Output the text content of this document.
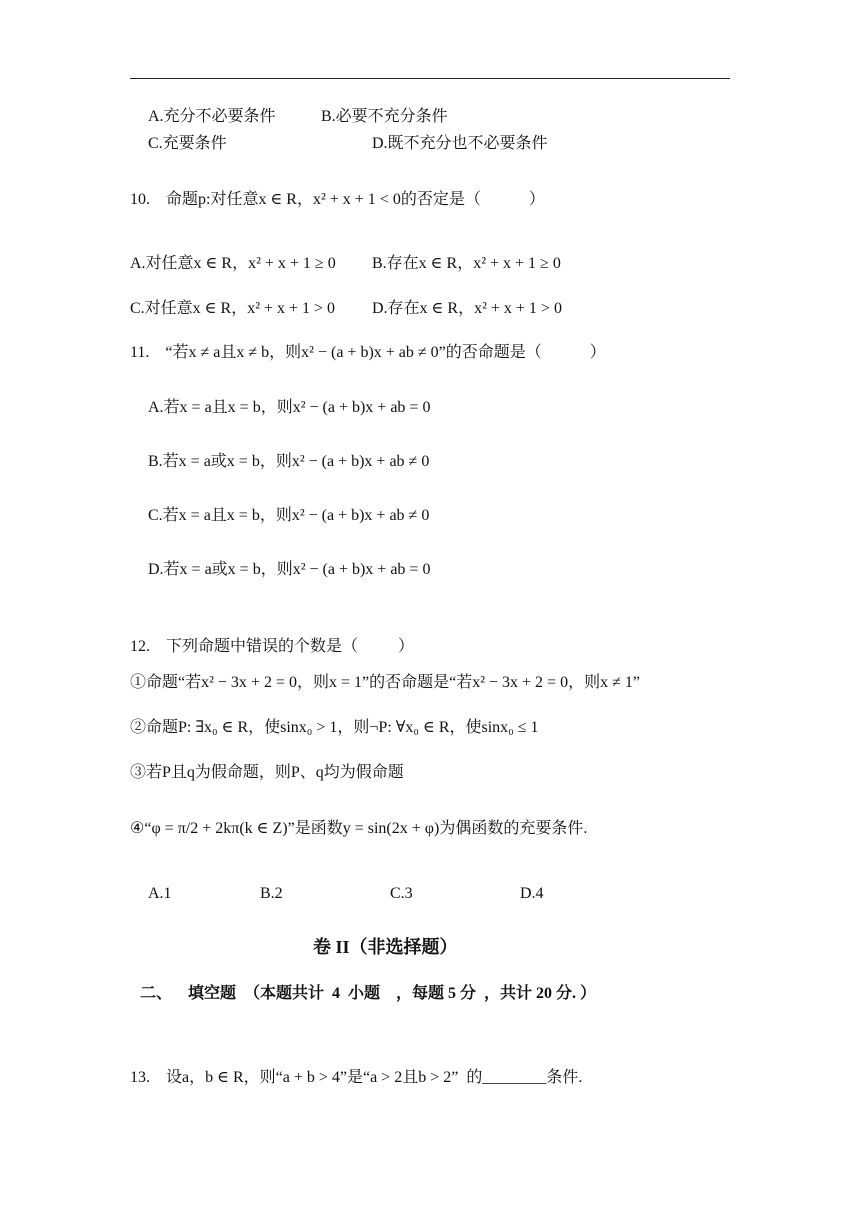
A.充分不必要条件	B.必要不充分条件
C.充要条件	D.既不充分也不必要条件
10.    命题p:对任意x ∈ R，x² + x + 1 < 0的否定是（            ）
A.对任意x ∈ R，x² + x + 1 ≥ 0 B.存在x ∈ R，x² + x + 1 ≥ 0
C.对任意x ∈ R，x² + x + 1 > 0 D.存在x ∈ R，x² + x + 1 > 0
11.    “若x ≠ a且x ≠ b，则x² − (a + b)x + ab ≠ 0”的否命题是（            ）
A.若x = a且x = b，则x² − (a + b)x + ab = 0
B.若x = a或x = b，则x² − (a + b)x + ab ≠ 0
C.若x = a且x = b，则x² − (a + b)x + ab ≠ 0
D.若x = a或x = b，则x² − (a + b)x + ab = 0
12.    下列命题中错误的个数是（          ）
①命题“若x² − 3x + 2 = 0，则x = 1”的否命题是“若x² − 3x + 2 = 0，则x ≠ 1”
②命题P: ∃x₀ ∈ R，使sinx₀ > 1，则¬P: ∀x₀ ∈ R，使sinx₀ ≤ 1
③若P且q为假命题，则P、q均为假命题
④“φ = π/2 + 2kπ(k ∈ Z)”是函数y = sin(2x + φ)为偶函数的充要条件.
A.1	B.2	C.3	D.4
卷 II（非选择题）
二、    填空题  （本题共计  4  小题    ，每题 5 分  ，共计 20 分. ）
13.    设a，b ∈ R，则“a + b > 4”是“a > 2且b > 2”  的________条件.
